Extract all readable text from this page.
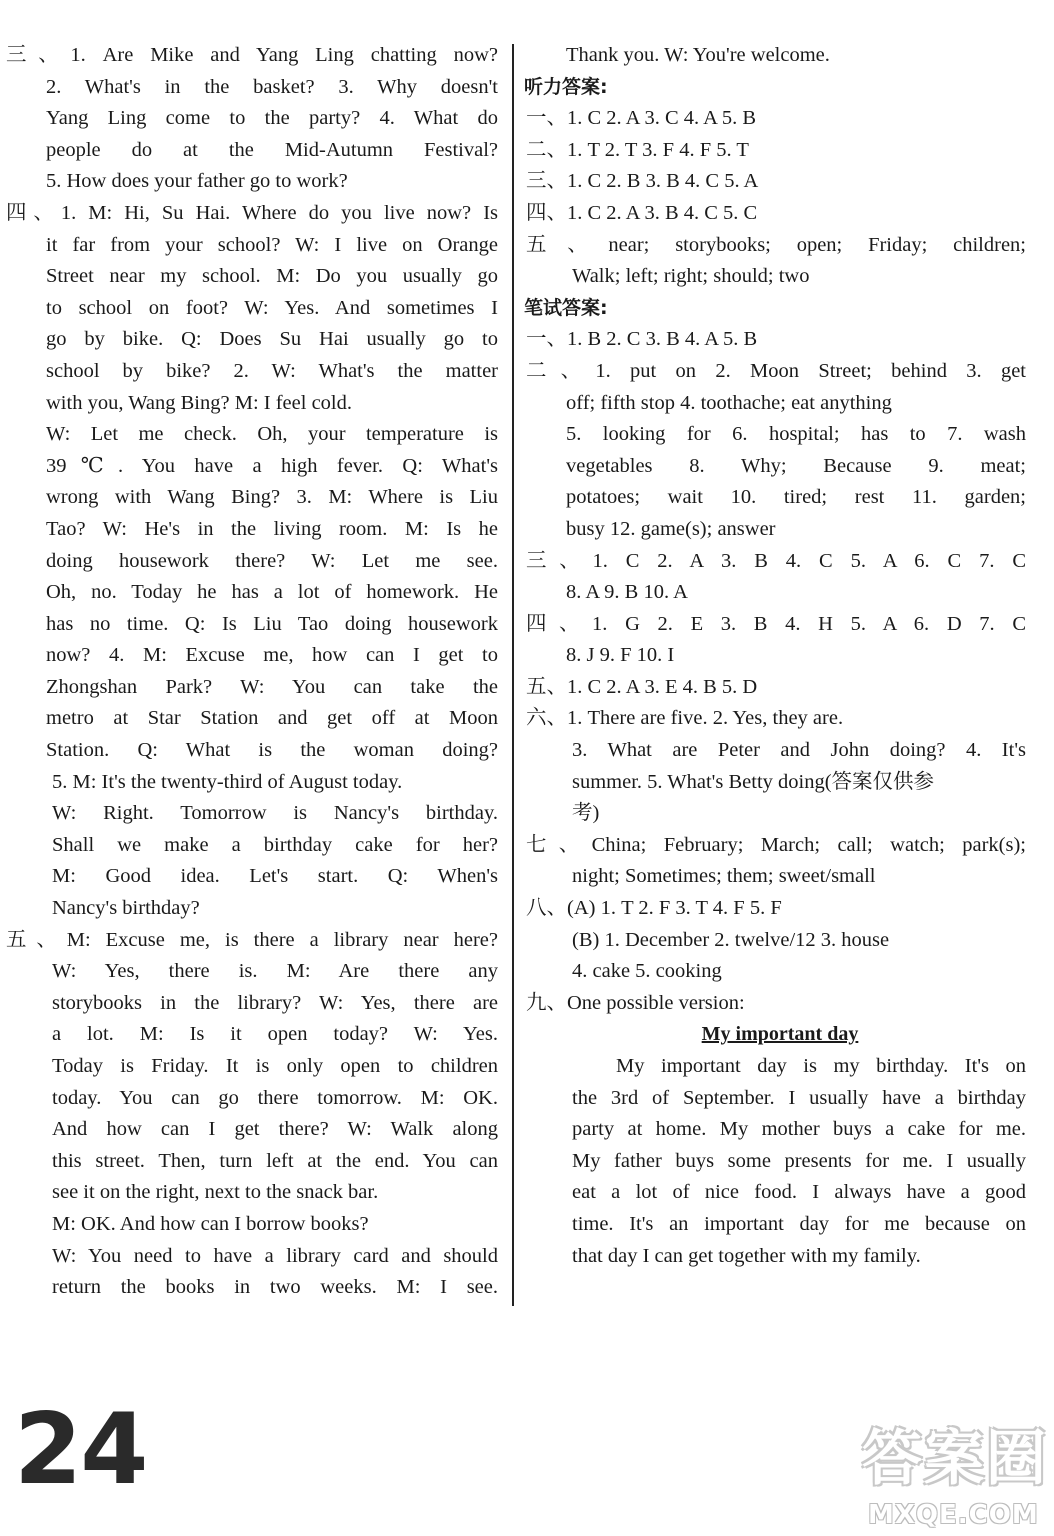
三、1. Are Mike and Yang Ling chatting now?
2. What's in the basket? 3. Why doesn't
Yang Ling come to the party? 4. What do
people do at the Mid-Autumn Festival?
5. How does your father go to work?
四、1. M: Hi, Su Hai. Where do you live now? Is
it far from your school? W: I live on Orange
Street near my school. M: Do you usually go
to school on foot? W: Yes. And sometimes I
go by bike. Q: Does Su Hai usually go to
school by bike? 2. W: What's the matter
with you, Wang Bing? M: I feel cold.
W: Let me check. Oh, your temperature is
39℃. You have a high fever. Q: What's
wrong with Wang Bing? 3. M: Where is Liu
Tao? W: He's in the living room. M: Is he
doing housework there? W: Let me see.
Oh, no. Today he has a lot of homework. He
has no time. Q: Is Liu Tao doing housework
now? 4. M: Excuse me, how can I get to
Zhongshan Park? W: You can take the
metro at Star Station and get off at Moon
Station. Q: What is the woman doing?
5. M: It's the twenty-third of August today.
W: Right. Tomorrow is Nancy's birthday.
Shall we make a birthday cake for her?
M: Good idea. Let's start. Q: When's
Nancy's birthday?
五、M: Excuse me, is there a library near here?
W: Yes, there is. M: Are there any
storybooks in the library? W: Yes, there are
a lot. M: Is it open today? W: Yes.
Today is Friday. It is only open to children
today. You can go there tomorrow. M: OK.
And how can I get there? W: Walk along
this street. Then, turn left at the end. You can
see it on the right, next to the snack bar.
M: OK. And how can I borrow books?
W: You need to have a library card and should
return the books in two weeks. M: I see.
Thank you. W: You're welcome.
听力答案:
一、1. C 2. A 3. C 4. A 5. B
二、1. T 2. T 3. F 4. F 5. T
三、1. C 2. B 3. B 4. C 5. A
四、1. C 2. A 3. B 4. C 5. C
五、near; storybooks; open; Friday; children;
Walk; left; right; should; two
笔试答案:
一、1. B 2. C 3. B 4. A 5. B
二、1. put on 2. Moon Street; behind 3. get
off; fifth stop 4. toothache; eat anything
5. looking for 6. hospital; has to 7. wash
vegetables 8. Why; Because 9. meat;
potatoes; wait 10. tired; rest 11. garden;
busy 12. game(s); answer
三、1. C 2. A 3. B 4. C 5. A 6. C 7. C
8. A 9. B 10. A
四、1. G 2. E 3. B 4. H 5. A 6. D 7. C
8. J 9. F 10. I
五、1. C 2. A 3. E 4. B 5. D
六、1. There are five. 2. Yes, they are.
3. What are Peter and John doing? 4. It's
summer. 5. What's Betty doing(答案仅供参
考)
七、China; February; March; call; watch; park(s);
night; Sometimes; them; sweet/small
八、(A) 1. T 2. F 3. T 4. F 5. F
(B) 1. December 2. twelve/12 3. house
4. cake 5. cooking
九、One possible version:
My important day
My important day is my birthday. It's on
the 3rd of September. I usually have a birthday
party at home. My mother buys a cake for me.
My father buys some presents for me. I usually
eat a lot of nice food. I always have a good
time. It's an important day for me because on
that day I can get together with my family.
24	答案圈
MXQE.COM
